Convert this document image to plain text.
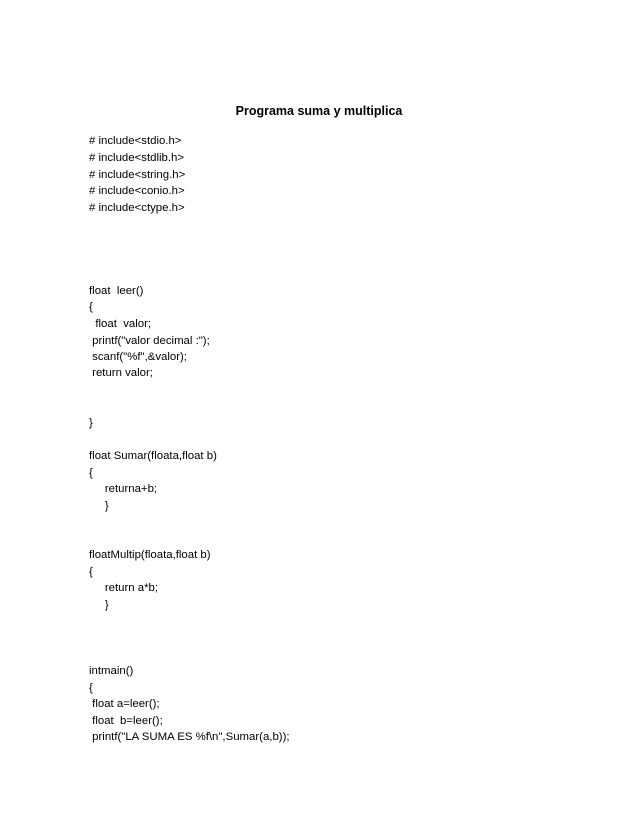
Programa suma y multiplica
# include<stdio.h>
# include<stdlib.h>
# include<string.h>
# include<conio.h>
# include<ctype.h>
float  leer()
{
float  valor;
printf("valor decimal :");
scanf("%f",&valor);
return valor;
}
float Sumar(floata,float b)
{
returna+b;
}
floatMultip(floata,float b)
{
return a*b;
}
intmain()
{
float a=leer();
float  b=leer();
printf("LA SUMA ES %f\n",Sumar(a,b));
